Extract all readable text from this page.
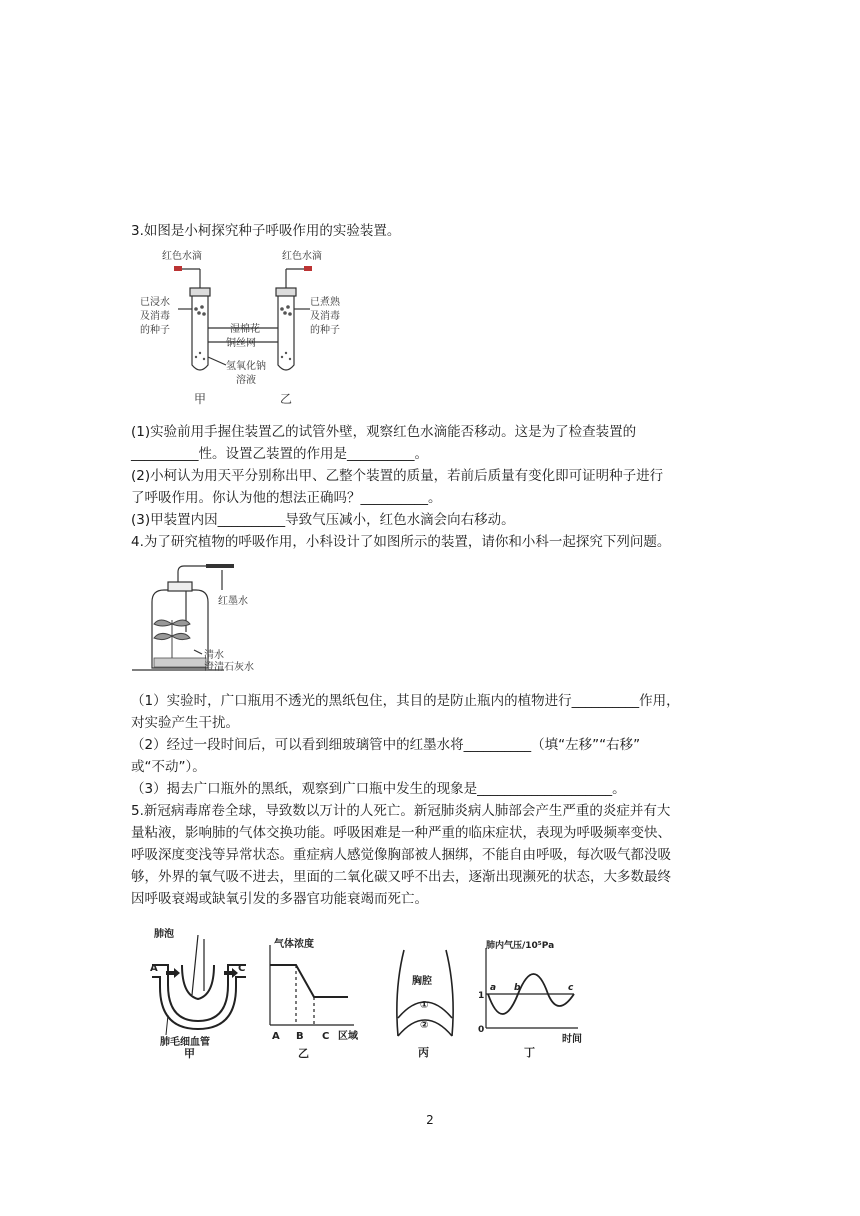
3.如图是小柯探究种子呼吸作用的实验装置。
红色水滴	红色水滴
已浸水
及消毒
的种子
已煮熟
及消毒
的种子
湿棉花
铜丝网
氢氧化钠
溶液
甲	乙
(1)实验前用手握住装置乙的试管外壁，观察红色水滴能否移动。这是为了检查装置的
__________性。设置乙装置的作用是__________。
(2)小柯认为用天平分别称出甲、乙整个装置的质量，若前后质量有变化即可证明种子进行
了呼吸作用。你认为他的想法正确吗？__________。
(3)甲装置内因__________导致气压减小，红色水滴会向右移动。
4.为了研究植物的呼吸作用，小科设计了如图所示的装置，请你和小科一起探究下列问题。
红墨水
清水
澄清石灰水
（1）实验时，广口瓶用不透光的黑纸包住，其目的是防止瓶内的植物进行__________作用，
对实验产生干扰。
（2）经过一段时间后，可以看到细玻璃管中的红墨水将__________（填“左移”“右移”
或“不动”）。
（3）揭去广口瓶外的黑纸，观察到广口瓶中发生的现象是____________________。
5.新冠病毒席卷全球，导致数以万计的人死亡。新冠肺炎病人肺部会产生严重的炎症并有大
量粘液，影响肺的气体交换功能。呼吸困难是一种严重的临床症状，表现为呼吸频率变快、
呼吸深度变浅等异常状态。重症病人感觉像胸部被人捆绑，不能自由呼吸，每次吸气都没吸
够，外界的氧气吸不进去，里面的二氧化碳又呼不出去，逐渐出现濒死的状态，大多数最终
因呼吸衰竭或缺氧引发的多器官功能衰竭而死亡。
肺泡
A	C
肺毛细血管
甲
气体浓度
A B C 区域
乙
胸腔
①
②
丙
肺内气压/10⁵Pa
1
0
a b	c
时间
丁
2
